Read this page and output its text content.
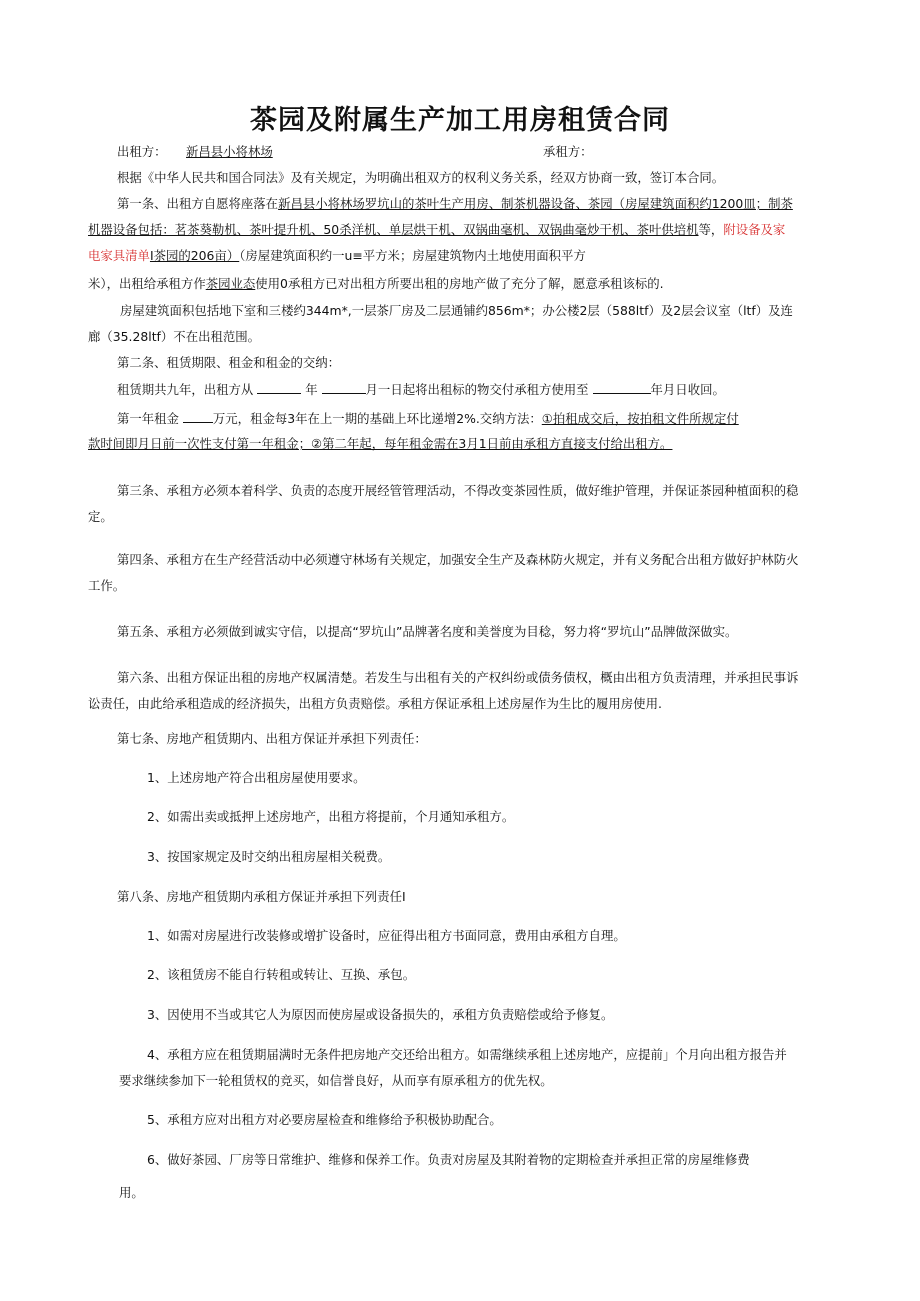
茶园及附属生产加工用房租赁合同
出租方： 新昌县小将林场	承租方：
根据《中华人民共和国合同法》及有关规定，为明确出租双方的权利义务关系，经双方协商一致，签订本合同。
第一条、出租方自愿将座落在新昌县小将林场罗坑山的茶叶生产用房、制茶机器设备、茶园（房屋建筑面积约1200皿；制茶
机器设备包括：茗茶葵勒机、茶叶提升机、50杀洋机、单层烘干机、双锅曲毫机、双锅曲毫炒干机、茶叶供培机等，附设备及家
电家具清单I茶园的206亩）（房屋建筑面积约一u≡平方米；房屋建筑物内土地使用面积平方
米），出租给承租方作茶园业态使用0承租方已对出租方所要出租的房地产做了充分了解，愿意承租该标的.
房屋建筑面积包括地下室和三楼约344m*,一层茶厂房及二层通铺约856m*；办公楼2层（588ltf）及2层会议室（ltf）及连
廊（35.28ltf）不在出租范围。
第二条、租赁期限、租金和租金的交纳：
租赁期共九年，出租方从	年	月一日起将出租标的物交付承租方使用至	年月日收回。
第一年租金	万元，租金每3年在上一期的基础上环比递增2%.交纳方法：①拍租成交后，按拍租文件所规定付
款时间即月日前一次性支付第一年租金；②第二年起，每年租金需在3月1日前由承租方直接支付给出租方。
第三条、承租方必须本着科学、负责的态度开展经管管理活动，不得改变茶园性质，做好维护管理，并保证茶园种植面积的稳
定。
第四条、承租方在生产经营活动中必须遵守林场有关规定，加强安全生产及森林防火规定，并有义务配合出租方做好护林防火
工作。
第五条、承租方必须做到诚实守信，以提高“罗坑山”品牌著名度和美誉度为目稔，努力将“罗坑山”品牌做深做实。
第六条、出租方保证出租的房地产权属清楚。若发生与出租有关的产权纠纷或债务债权，概由出租方负责清理，并承担民事诉
讼责任，由此给承租造成的经济损失，出租方负责赔偿。承租方保证承租上述房屋作为生比的履用房使用.
第七条、房地产租赁期内、出租方保证并承担下列责任：
1、上述房地产符合出租房屋使用要求。
2、如需出卖或抵押上述房地产，出租方将提前，个月通知承租方。
3、按国家规定及时交纳出租房屋相关税费。
第八条、房地产租赁期内承租方保证并承担下列责任I
1、如需对房屋进行改装修或增扩设备时，应征得出租方书面同意，费用由承租方自理。
2、该租赁房不能自行转租或转让、互换、承包。
3、因使用不当或其它人为原因而使房屋或设备损失的，承租方负责赔偿或给予修复。
4、承租方应在租赁期届满时无条件把房地产交还给出租方。如需继续承租上述房地产，应提前」个月向出租方报告并
要求继续参加下一轮租赁权的竞买，如信誉良好，从而享有原承租方的优先权。
5、承租方应对出租方对必要房屋检查和维修给予积极协助配合。
6、做好茶园、厂房等日常维护、维修和保养工作。负责对房屋及其附着物的定期检查并承担正常的房屋维修费
用。
